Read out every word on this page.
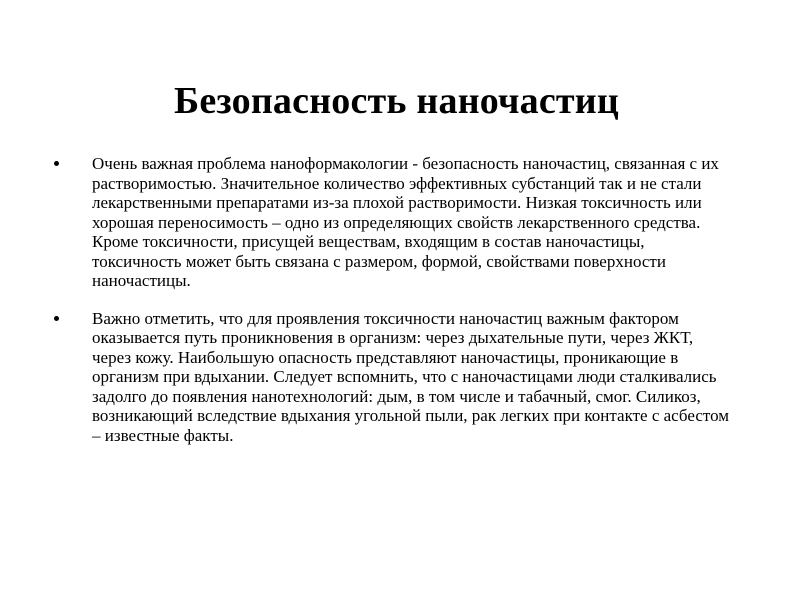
Безопасность наночастиц
Очень важная проблема наноформакологии - безопасность наночастиц, связанная с их растворимостью. Значительное количество эффективных субстанций так и не стали лекарственными препаратами из-за плохой растворимости. Низкая токсичность или хорошая переносимость – одно из определяющих свойств лекарственного средства. Кроме токсичности, присущей веществам, входящим в состав наночастицы, токсичность может быть связана с размером, формой, свойствами поверхности наночастицы.
Важно отметить, что для проявления токсичности наночастиц важным фактором оказывается путь проникновения в организм: через дыхательные пути, через ЖКТ, через кожу. Наибольшую опасность представляют наночастицы, проникающие в организм при вдыхании. Следует вспомнить, что с наночастицами люди сталкивались задолго до появления нанотехнологий: дым, в том числе и табачный, смог. Силикоз, возникающий вследствие вдыхания угольной пыли, рак легких при контакте с асбестом – известные факты.
